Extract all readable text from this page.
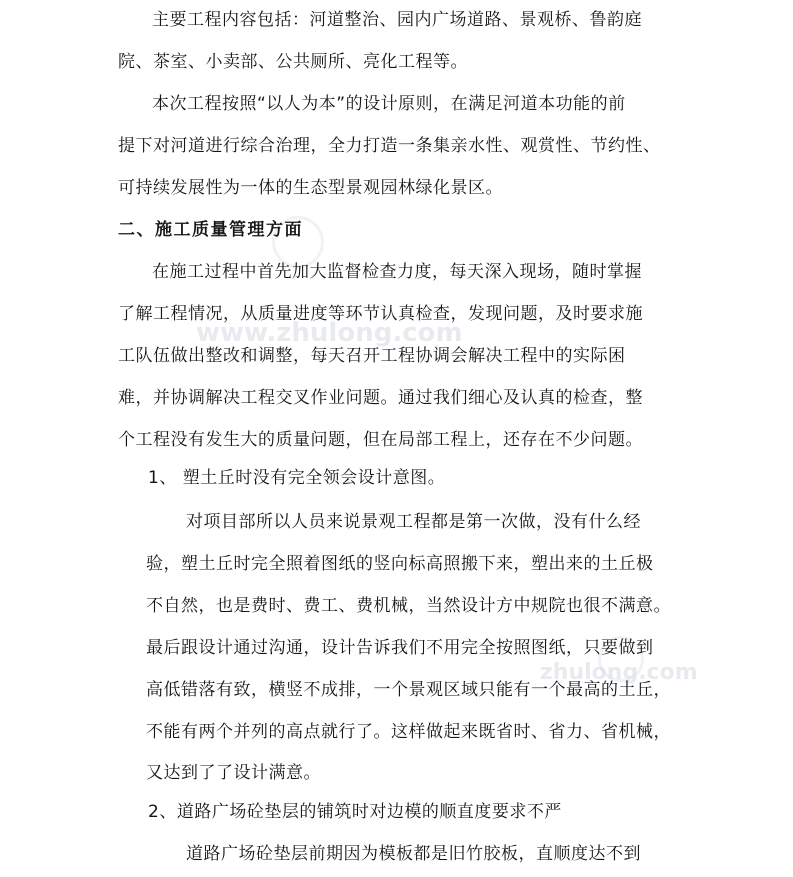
www.zhulong.com
zhulong.com
主要工程内容包括：河道整治、园内广场道路、景观桥、鲁韵庭
院、茶室、小卖部、公共厕所、亮化工程等。
本次工程按照“以人为本”的设计原则，在满足河道本功能的前
提下对河道进行综合治理，全力打造一条集亲水性、观赏性、节约性、
可持续发展性为一体的生态型景观园林绿化景区。
二、施工质量管理方面
在施工过程中首先加大监督检查力度，每天深入现场，随时掌握
了解工程情况，从质量进度等环节认真检查，发现问题，及时要求施
工队伍做出整改和调整，每天召开工程协调会解决工程中的实际困
难，并协调解决工程交叉作业问题。通过我们细心及认真的检查，整
个工程没有发生大的质量问题，但在局部工程上，还存在不少问题。
1、 塑土丘时没有完全领会设计意图。
对项目部所以人员来说景观工程都是第一次做，没有什么经
验，塑土丘时完全照着图纸的竖向标高照搬下来，塑出来的土丘极
不自然，也是费时、费工、费机械，当然设计方中规院也很不满意。
最后跟设计通过沟通，设计告诉我们不用完全按照图纸，只要做到
高低错落有致，横竖不成排，一个景观区域只能有一个最高的土丘，
不能有两个并列的高点就行了。这样做起来既省时、省力、省机械，
又达到了了设计满意。
2、道路广场砼垫层的铺筑时对边模的顺直度要求不严
道路广场砼垫层前期因为模板都是旧竹胶板，直顺度达不到
